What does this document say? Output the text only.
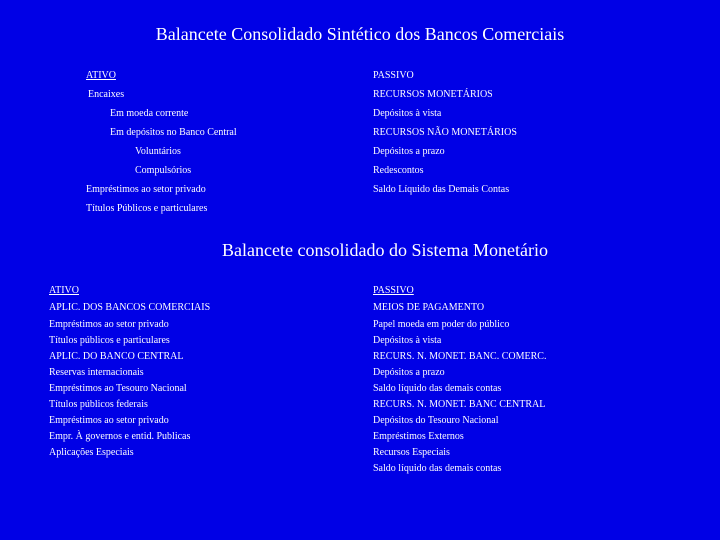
Balancete Consolidado Sintético dos Bancos Comerciais
ATIVO	PASSIVO
Encaixes
Em moeda corrente
Em depósitos no Banco Central
Voluntários
Compulsórios
Empréstimos ao setor privado
Títulos Públicos e particulares
RECURSOS MONETÁRIOS
Depósitos à vista
RECURSOS NÃO MONETÁRIOS
Depósitos a prazo
Redescontos
Saldo Líquido das Demais Contas
Balancete consolidado do Sistema Monetário
ATIVO	PASSIVO
APLIC. DOS BANCOS COMERCIAIS
Empréstimos ao setor privado
Títulos públicos e particulares
APLIC. DO BANCO CENTRAL
Reservas internacionais
Empréstimos ao Tesouro Nacional
Títulos públicos federais
Empréstimos ao setor privado
Empr. À governos e entid. Publicas
Aplicações Especiais
MEIOS DE PAGAMENTO
Papel moeda em poder do público
Depósitos à vista
RECURS. N. MONET. BANC. COMERC.
Depósitos a prazo
Saldo líquido das demais contas
RECURS. N. MONET. BANC CENTRAL
Depósitos do Tesouro Nacional
Empréstimos Externos
Recursos Especiais
Saldo líquido das demais contas
